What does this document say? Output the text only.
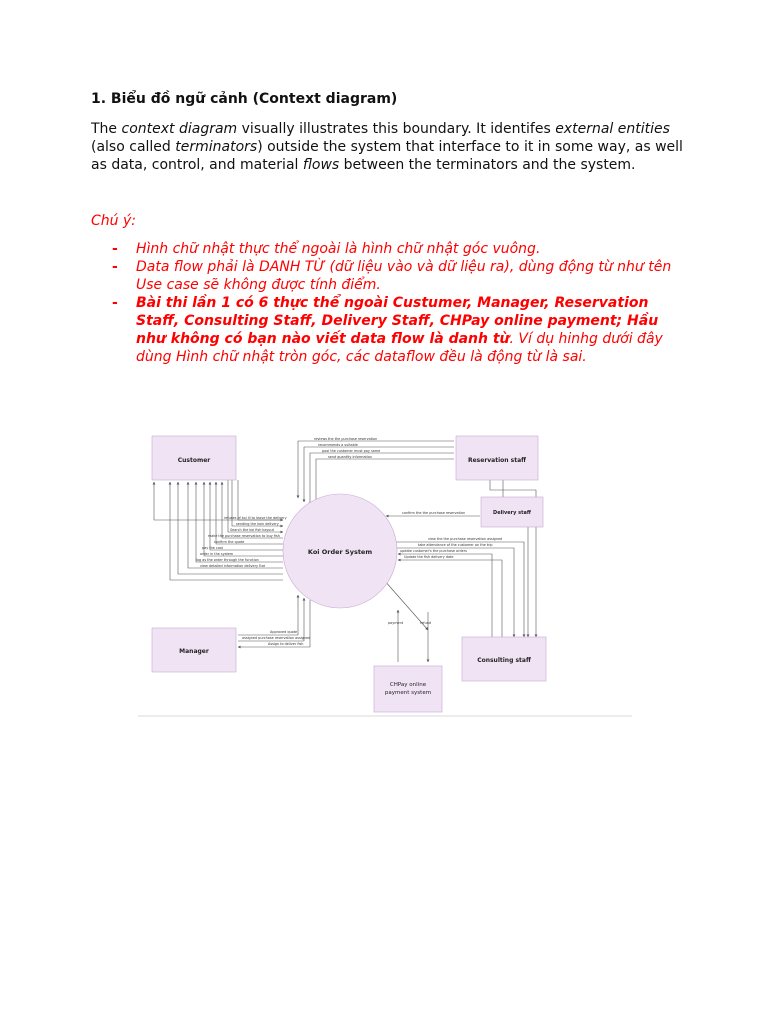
1. Biểu đồ ngữ cảnh (Context diagram)

The context diagram visually illustrates this boundary. It identifes external entities (also called terminators) outside the system that interface to it in some way, as well as data, control, and material flows between the terminators and the system.

Chú ý:

- Hình chữ nhật thực thể ngoài là hình chữ nhật góc vuông.
- Data flow phải là DANH TỪ (dữ liệu vào và dữ liệu ra), dùng động từ như tên Use case sẽ không được tính điểm.
- Bài thi lần 1 có 6 thực thể ngoài Custumer, Manager, Reservation Staff, Consulting Staff, Delivery Staff, CHPay online payment; Hầu như không có bạn nào viết data flow là danh từ. Ví dụ hinhg dưới đây dùng Hình chữ nhật tròn góc, các dataflow đều là động từ là sai.
Customer	Reservation staff
Delivery staff
Manager
Consulting staff
CHPay online
payment system
Koi Order System
reviews the the purchase reservation
recommends a suitable
pool the customer must pay some
send quantity information
confirm the the purchase reservation
refuses of koi ill to leave the delivery
sending the koin delivery
Search the koi fish kayout
make the purchase reservation to buy fish
confirm the quote
pay the cost
order in the system
log as the order through the function
view detailed information delivery Exe
view the the purchase reservation assigned
take attendance of the customer on the trip
update customer's the purchase orders
Update the fish delivery date
Approved quote
assigned purchase reservation assigned
Assign to deliver fish
payment	refund
